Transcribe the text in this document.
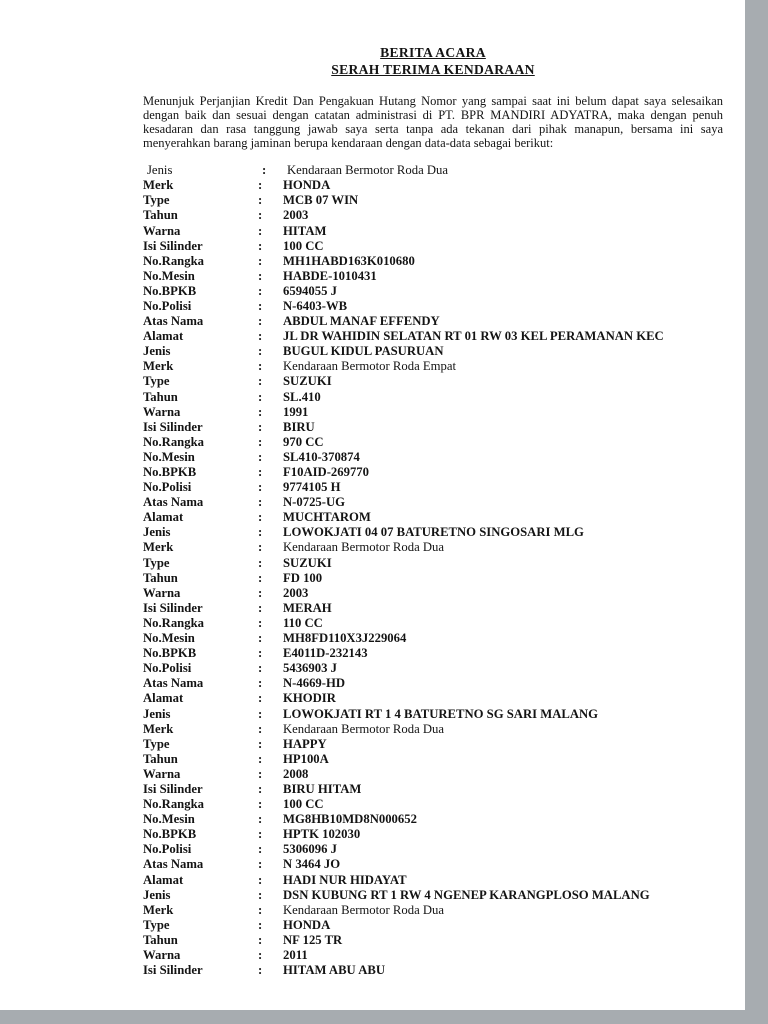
BERITA ACARA
SERAH TERIMA KENDARAAN

Menunjuk Perjanjian Kredit Dan Pengakuan Hutang Nomor yang sampai saat ini belum dapat saya selesaikan dengan baik dan sesuai dengan catatan administrasi di PT. BPR MANDIRI ADYATRA, maka dengan penuh kesadaran dan rasa tanggung jawab saya serta tanpa ada tekanan dari pihak manapun, bersama ini saya menyerahkan barang jaminan berupa kendaraan dengan data-data sebagai berikut:

Jenis	:	Kendaraan Bermotor Roda Dua
Merk	:	HONDA
Type	:	MCB 07 WIN
Tahun	:	2003
Warna	:	HITAM
Isi Silinder	:	100 CC
No.Rangka	:	MH1HABD163K010680
No.Mesin	:	HABDE-1010431
No.BPKB	:	6594055 J
No.Polisi	:	N-6403-WB
Atas Nama	:	ABDUL MANAF EFFENDY
Alamat	:	JL DR WAHIDIN SELATAN RT 01 RW 03 KEL PERAMANAN KEC
Jenis	:	BUGUL KIDUL PASURUAN
Merk	:	Kendaraan Bermotor Roda Empat
Type	:	SUZUKI
Tahun	:	SL.410
Warna	:	1991
Isi Silinder	:	BIRU
No.Rangka	:	970 CC
No.Mesin	:	SL410-370874
No.BPKB	:	F10AID-269770
No.Polisi	:	9774105 H
Atas Nama	:	N-0725-UG
Alamat	:	MUCHTAROM
Jenis	:	LOWOKJATI 04 07 BATURETNO SINGOSARI MLG
Merk	:	Kendaraan Bermotor Roda Dua
Type	:	SUZUKI
Tahun	:	FD 100
Warna	:	2003
Isi Silinder	:	MERAH
No.Rangka	:	110 CC
No.Mesin	:	MH8FD110X3J229064
No.BPKB	:	E4011D-232143
No.Polisi	:	5436903 J
Atas Nama	:	N-4669-HD
Alamat	:	KHODIR
Jenis	:	LOWOKJATI RT 1 4 BATURETNO SG SARI MALANG
Merk	:	Kendaraan Bermotor Roda Dua
Type	:	HAPPY
Tahun	:	HP100A
Warna	:	2008
Isi Silinder	:	BIRU HITAM
No.Rangka	:	100 CC
No.Mesin	:	MG8HB10MD8N000652
No.BPKB	:	HPTK 102030
No.Polisi	:	5306096 J
Atas Nama	:	N 3464 JO
Alamat	:	HADI NUR HIDAYAT
Jenis	:	DSN KUBUNG RT 1 RW 4 NGENEP KARANGPLOSO MALANG
Merk	:	Kendaraan Bermotor Roda Dua
Type	:	HONDA
Tahun	:	NF 125 TR
Warna	:	2011
Isi Silinder	:	HITAM ABU ABU
